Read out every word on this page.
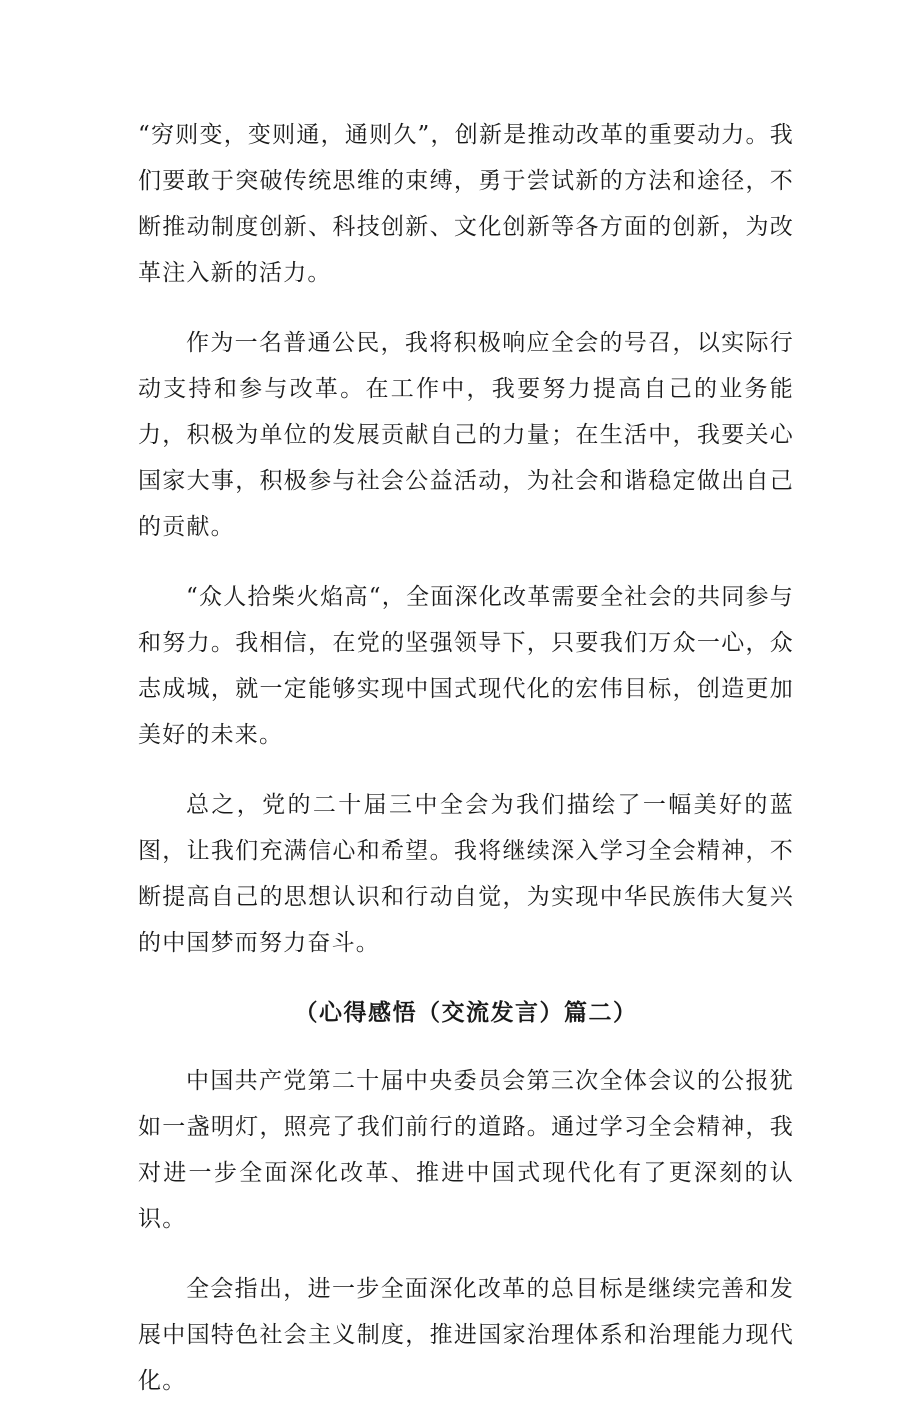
“穷则变，变则通，通则久”，创新是推动改革的重要动力。我们要敢于突破传统思维的束缚，勇于尝试新的方法和途径，不断推动制度创新、科技创新、文化创新等各方面的创新，为改革注入新的活力。

作为一名普通公民，我将积极响应全会的号召，以实际行动支持和参与改革。在工作中，我要努力提高自己的业务能力，积极为单位的发展贡献自己的力量；在生活中，我要关心国家大事，积极参与社会公益活动，为社会和谐稳定做出自己的贡献。

“众人拾柴火焰高“，全面深化改革需要全社会的共同参与和努力。我相信，在党的坚强领导下，只要我们万众一心，众志成城，就一定能够实现中国式现代化的宏伟目标，创造更加美好的未来。

总之，党的二十届三中全会为我们描绘了一幅美好的蓝图，让我们充满信心和希望。我将继续深入学习全会精神，不断提高自己的思想认识和行动自觉，为实现中华民族伟大复兴的中国梦而努力奋斗。

（心得感悟（交流发言）篇二）

中国共产党第二十届中央委员会第三次全体会议的公报犹如一盏明灯，照亮了我们前行的道路。通过学习全会精神，我对进一步全面深化改革、推进中国式现代化有了更深刻的认识。

全会指出，进一步全面深化改革的总目标是继续完善和发展中国特色社会主义制度，推进国家治理体系和治理能力现代化。
